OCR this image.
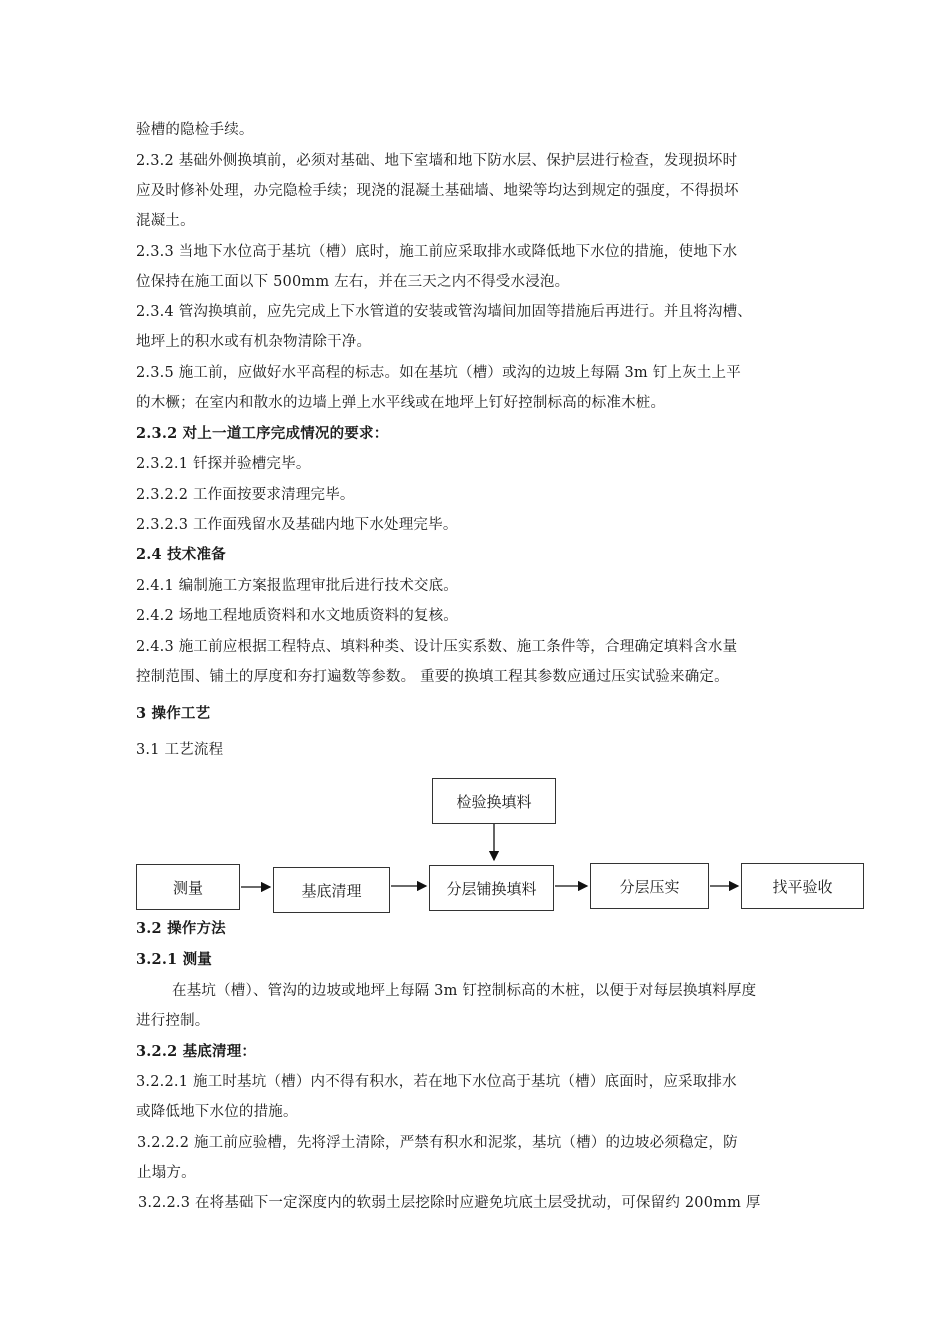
验槽的隐检手续。
2.3.2 基础外侧换填前，必须对基础、地下室墙和地下防水层、保护层进行检查，发现损坏时
应及时修补处理，办完隐检手续；现浇的混凝土基础墙、地梁等均达到规定的强度，不得损坏
混凝土。
2.3.3 当地下水位高于基坑（槽）底时，施工前应采取排水或降低地下水位的措施，使地下水
位保持在施工面以下 500mm 左右，并在三天之内不得受水浸泡。
2.3.4 管沟换填前，应先完成上下水管道的安装或管沟墙间加固等措施后再进行。并且将沟槽、
地坪上的积水或有机杂物清除干净。
2.3.5 施工前，应做好水平高程的标志。如在基坑（槽）或沟的边坡上每隔 3m 钉上灰土上平
的木橛；在室内和散水的边墙上弹上水平线或在地坪上钉好控制标高的标准木桩。
2.3.2 对上一道工序完成情况的要求：
2.3.2.1 钎探并验槽完毕。
2.3.2.2 工作面按要求清理完毕。
2.3.2.3 工作面残留水及基础内地下水处理完毕。
2.4 技术准备
2.4.1 编制施工方案报监理审批后进行技术交底。
2.4.2 场地工程地质资料和水文地质资料的复核。
2.4.3 施工前应根据工程特点、填料种类、设计压实系数、施工条件等，合理确定填料含水量
控制范围、铺土的厚度和夯打遍数等参数。 重要的换填工程其参数应通过压实试验来确定。
3 操作工艺
3.1 工艺流程
3.2 操作方法
3.2.1 测量
在基坑（槽）、管沟的边坡或地坪上每隔 3m 钉控制标高的木桩，以便于对每层换填料厚度
进行控制。
3.2.2 基底清理：
3.2.2.1 施工时基坑（槽）内不得有积水，若在地下水位高于基坑（槽）底面时，应采取排水
或降低地下水位的措施。
3.2.2.2 施工前应验槽，先将浮土清除，严禁有积水和泥浆，基坑（槽）的边坡必须稳定，防
止塌方。
3.2.2.3 在将基础下一定深度内的软弱土层挖除时应避免坑底土层受扰动，可保留约 200mm 厚
检验换填料
测量	基底清理	分层铺换填料	分层压实	找平验收
